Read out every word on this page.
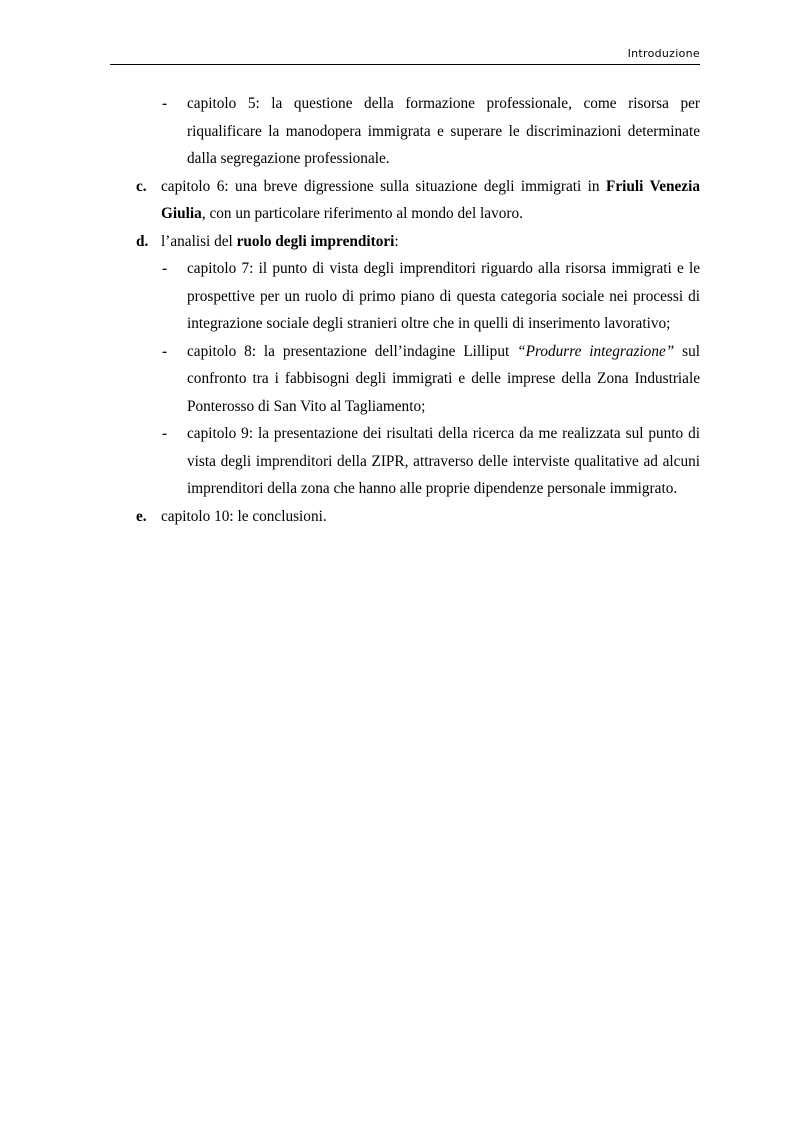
Introduzione
- capitolo 5: la questione della formazione professionale, come risorsa per riqualificare la manodopera immigrata e superare le discriminazioni determinate dalla segregazione professionale.
c. capitolo 6: una breve digressione sulla situazione degli immigrati in Friuli Venezia Giulia, con un particolare riferimento al mondo del lavoro.
d. l’analisi del ruolo degli imprenditori:
- capitolo 7: il punto di vista degli imprenditori riguardo alla risorsa immigrati e le prospettive per un ruolo di primo piano di questa categoria sociale nei processi di integrazione sociale degli stranieri oltre che in quelli di inserimento lavorativo;
- capitolo 8: la presentazione dell’indagine Lilliput “Produrre integrazione” sul confronto tra i fabbisogni degli immigrati e delle imprese della Zona Industriale Ponterosso di San Vito al Tagliamento;
- capitolo 9: la presentazione dei risultati della ricerca da me realizzata sul punto di vista degli imprenditori della ZIPR, attraverso delle interviste qualitative ad alcuni imprenditori della zona che hanno alle proprie dipendenze personale immigrato.
e. capitolo 10: le conclusioni.
